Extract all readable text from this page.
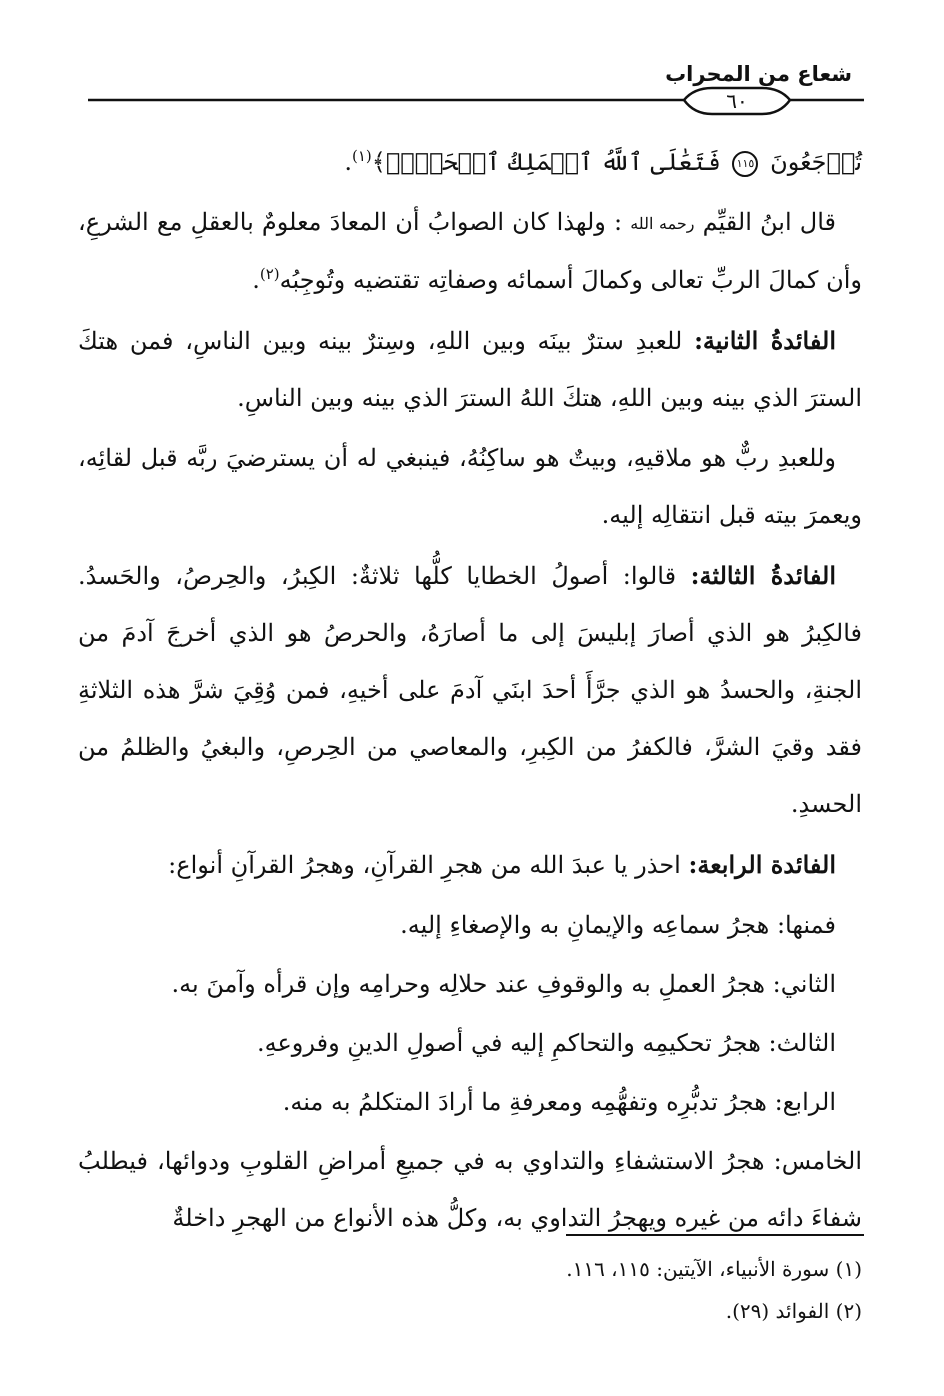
شعاع من المحراب
٦٠

تُرۡجَعُونَ ١١٥ فَتَعَٰلَى ٱللَّهُ ٱلۡمَلِكُ ٱلۡحَقُّۖ﴾$^{(١)}$.

قال ابنُ القيِّم رحمه الله : ولهذا كان الصوابُ أن المعادَ معلومٌ بالعقلِ مع الشرعِ، وأن كمالَ الربِّ تعالى وكمالَ أسمائه وصفاتِه تقتضيه وتُوجِبُه$^{(٢)}$.

الفائدةُ الثانية: للعبدِ سترٌ بينَه وبين اللهِ، وسِترٌ بينه وبين الناسِ، فمن هتكَ السترَ الذي بينه وبين اللهِ، هتكَ اللهُ السترَ الذي بينه وبين الناسِ.

وللعبدِ ربٌّ هو ملاقيهِ، وبيتٌ هو ساكِنُهُ، فينبغي له أن يسترضيَ ربَّه قبل لقائِه، ويعمرَ بيته قبل انتقالِه إليه.

الفائدةُ الثالثة: قالوا: أصولُ الخطايا كلُّها ثلاثةٌ: الكِبرُ، والحِرصُ، والحَسدُ. فالكِبرُ هو الذي أصارَ إبليسَ إلى ما أصارَهُ، والحرصُ هو الذي أخرجَ آدمَ من الجنةِ، والحسدُ هو الذي جرَّأَ أحدَ ابنَي آدمَ على أخيهِ، فمن وُقِيَ شرَّ هذه الثلاثةِ فقد وقيَ الشرَّ، فالكفرُ من الكِبرِ، والمعاصي من الحِرصِ، والبغيُ والظلمُ من الحسدِ.

الفائدة الرابعة: احذر يا عبدَ الله من هجرِ القرآنِ، وهجرُ القرآنِ أنواع:

فمنها: هجرُ سماعِه والإيمانِ به والإصغاءِ إليه.

الثاني: هجرُ العملِ به والوقوفِ عند حلالِه وحرامِه وإن قرأه وآمنَ به.

الثالث: هجرُ تحكيمِه والتحاكمِ إليه في أصولِ الدينِ وفروعهِ.

الرابع: هجرُ تدبُّرِه وتفهُّمِه ومعرفةِ ما أرادَ المتكلمُ به منه.

الخامس: هجرُ الاستشفاءِ والتداوي به في جميعِ أمراضِ القلوبِ ودوائها، فيطلبُ شفاءَ دائه من غيره ويهجرُ التداوي به، وكلُّ هذه الأنواع من الهجرِ داخلةٌ

(١) سورة الأنبياء، الآيتين: ١١٥، ١١٦.

(٢) الفوائد (٢٩).
